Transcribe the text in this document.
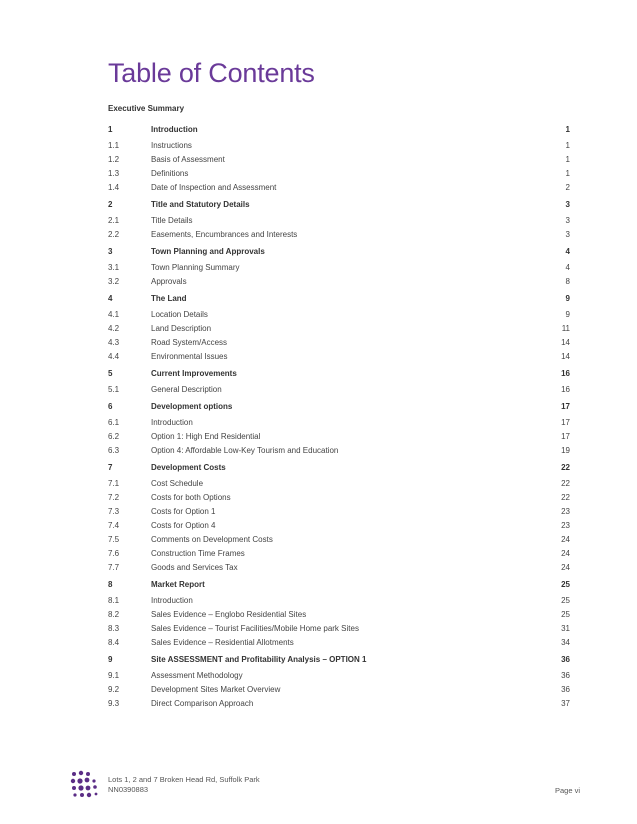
Table of Contents
Executive Summary
1	Introduction	1
1.1	Instructions	1
1.2	Basis of Assessment	1
1.3	Definitions	1
1.4	Date of Inspection and Assessment	2
2	Title and Statutory Details	3
2.1	Title Details	3
2.2	Easements, Encumbrances and Interests	3
3	Town Planning and Approvals	4
3.1	Town Planning Summary	4
3.2	Approvals	8
4	The Land	9
4.1	Location Details	9
4.2	Land Description	11
4.3	Road System/Access	14
4.4	Environmental Issues	14
5	Current Improvements	16
5.1	General Description	16
6	Development options	17
6.1	Introduction	17
6.2	Option 1: High End Residential	17
6.3	Option 4: Affordable Low-Key Tourism and Education	19
7	Development Costs	22
7.1	Cost Schedule	22
7.2	Costs for both Options	22
7.3	Costs for Option 1	23
7.4	Costs for Option 4	23
7.5	Comments on Development Costs	24
7.6	Construction Time Frames	24
7.7	Goods and Services Tax	24
8	Market Report	25
8.1	Introduction	25
8.2	Sales Evidence – Englobo Residential Sites	25
8.3	Sales Evidence – Tourist Facilities/Mobile Home park Sites	31
8.4	Sales Evidence – Residential Allotments	34
9	Site ASSESSMENT and Profitability Analysis – OPTION 1	36
9.1	Assessment Methodology	36
9.2	Development Sites Market Overview	36
9.3	Direct Comparison Approach	37
Lots 1, 2 and 7 Broken Head Rd, Suffolk Park
NN0390883	Page vi
